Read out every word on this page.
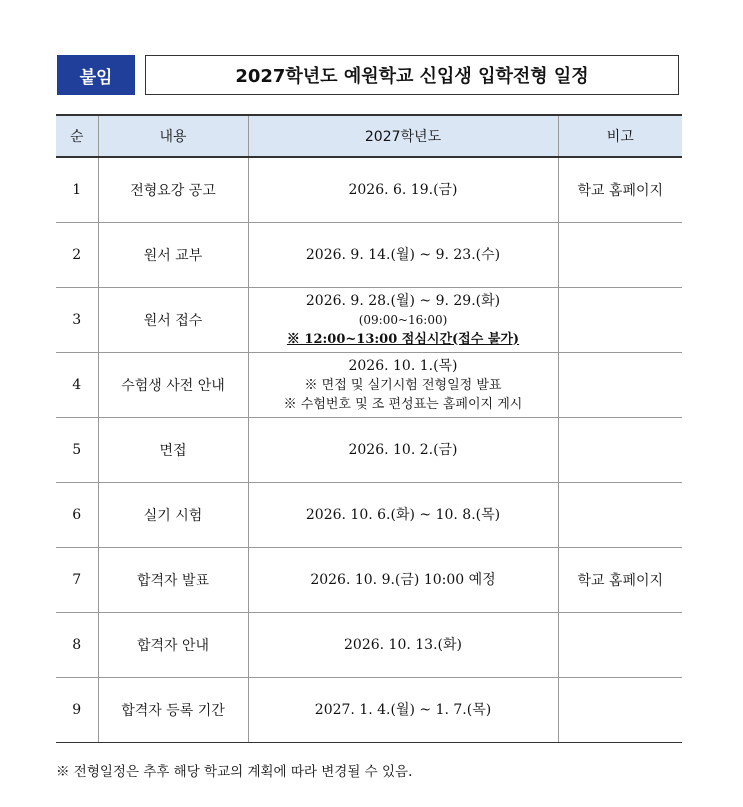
붙임	2027학년도 예원학교 신입생 입학전형 일정
순	내용	2027학년도	비고
1	전형요강 공고	2026. 6. 19.(금)	학교 홈페이지
2	원서 교부	2026. 9. 14.(월) ~ 9. 23.(수)	

3	원서 접수	2026. 9. 28.(월) ~ 9. 29.(화)
(09:00~16:00)
※ 12:00~13:00 점심시간(접수 불가)	

4	수험생 사전 안내	2026. 10. 1.(목)
※ 면접 및 실기시험 전형일정 발표
※ 수험번호 및 조 편성표는 홈페이지 게시	

5	면접	2026. 10. 2.(금)	

6	실기 시험	2026. 10. 6.(화) ~ 10. 8.(목)	

7	합격자 발표	2026. 10. 9.(금) 10:00 예정	학교 홈페이지
8	합격자 안내	2026. 10. 13.(화)	

9	합격자 등록 기간	2027. 1. 4.(월) ~ 1. 7.(목)	

※ 전형일정은 추후 해당 학교의 계획에 따라 변경될 수 있음.
